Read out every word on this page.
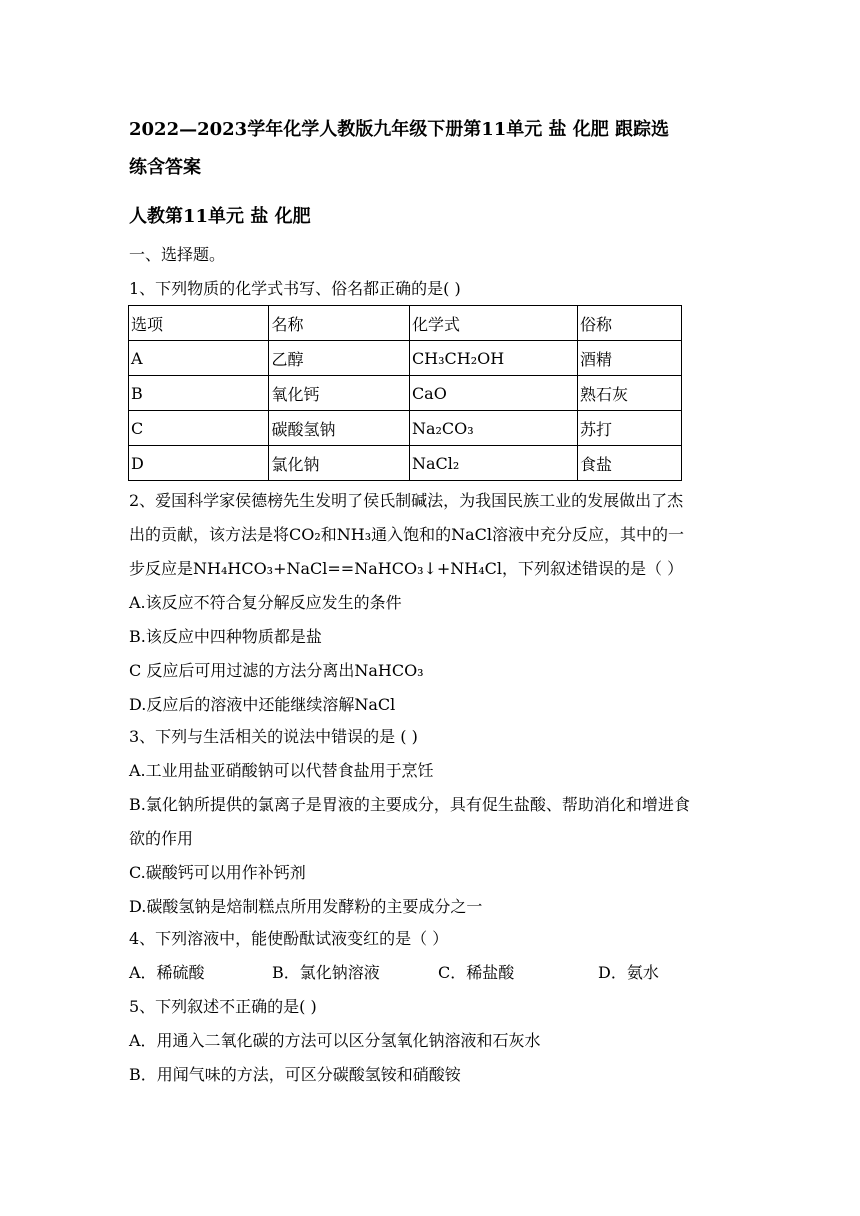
2022—2023学年化学人教版九年级下册第11单元 盐 化肥 跟踪选
练含答案
人教第11单元 盐 化肥
一、选择题。
1、下列物质的化学式书写、俗名都正确的是( )
选项	名称	化学式	俗称
A	乙醇	CH₃CH₂OH	酒精
B	氧化钙	CaO	熟石灰
C	碳酸氢钠	Na₂CO₃	苏打
D	氯化钠	NaCl₂	食盐
2、爱国科学家侯德榜先生发明了侯氏制碱法，为我国民族工业的发展做出了杰
出的贡献，该方法是将CO₂和NH₃通入饱和的NaCl溶液中充分反应，其中的一
步反应是NH₄HCO₃+NaCl==NaHCO₃↓+NH₄Cl，下列叙述错误的是（ ）
A.该反应不符合复分解反应发生的条件
B.该反应中四种物质都是盐
C 反应后可用过滤的方法分离出NaHCO₃
D.反应后的溶液中还能继续溶解NaCl
3、下列与生活相关的说法中错误的是 ( )
A.工业用盐亚硝酸钠可以代替食盐用于烹饪
B.氯化钠所提供的氯离子是胃液的主要成分，具有促生盐酸、帮助消化和增进食
欲的作用
C.碳酸钙可以用作补钙剂
D.碳酸氢钠是焙制糕点所用发酵粉的主要成分之一
4、下列溶液中，能使酚酞试液变红的是（ ）
A．稀硫酸	B．氯化钠溶液	C．稀盐酸	D．氨水
5、下列叙述不正确的是( )
A．用通入二氧化碳的方法可以区分氢氧化钠溶液和石灰水
B．用闻气味的方法，可区分碳酸氢铵和硝酸铵
